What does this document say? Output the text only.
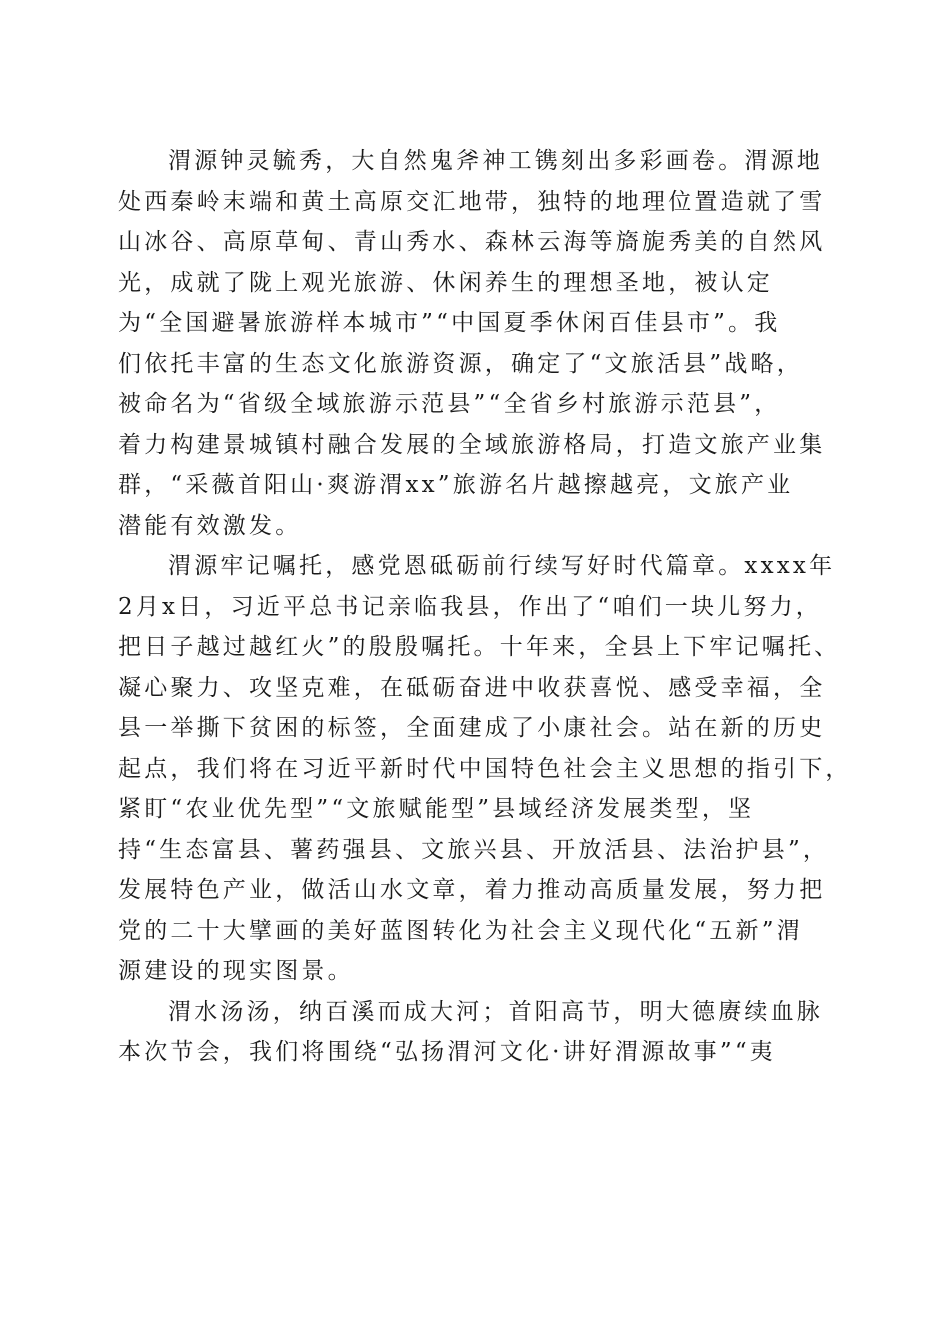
渭源钟灵毓秀，大自然鬼斧神工镌刻出多彩画卷。渭源地
处西秦岭末端和黄土高原交汇地带，独特的地理位置造就了雪
山冰谷、高原草甸、青山秀水、森林云海等旖旎秀美的自然风
光，成就了陇上观光旅游、休闲养生的理想圣地，被认定
为“全国避暑旅游样本城市”“中国夏季休闲百佳县市”。我
们依托丰富的生态文化旅游资源，确定了“文旅活县”战略，
被命名为“省级全域旅游示范县”“全省乡村旅游示范县”，
着力构建景城镇村融合发展的全域旅游格局，打造文旅产业集
群，“采薇首阳山·爽游渭xx”旅游名片越擦越亮，文旅产业
潜能有效激发。
渭源牢记嘱托，感党恩砥砺前行续写好时代篇章。xxxx年
2月x日，习近平总书记亲临我县，作出了“咱们一块儿努力，
把日子越过越红火”的殷殷嘱托。十年来，全县上下牢记嘱托、
凝心聚力、攻坚克难，在砥砺奋进中收获喜悦、感受幸福，全
县一举撕下贫困的标签，全面建成了小康社会。站在新的历史
起点，我们将在习近平新时代中国特色社会主义思想的指引下，
紧盯“农业优先型”“文旅赋能型”县域经济发展类型，坚
持“生态富县、薯药强县、文旅兴县、开放活县、法治护县”，
发展特色产业，做活山水文章，着力推动高质量发展，努力把
党的二十大擘画的美好蓝图转化为社会主义现代化“五新”渭
源建设的现实图景。
渭水汤汤，纳百溪而成大河；首阳高节，明大德赓续血脉
本次节会，我们将围绕“弘扬渭河文化·讲好渭源故事”“夷
